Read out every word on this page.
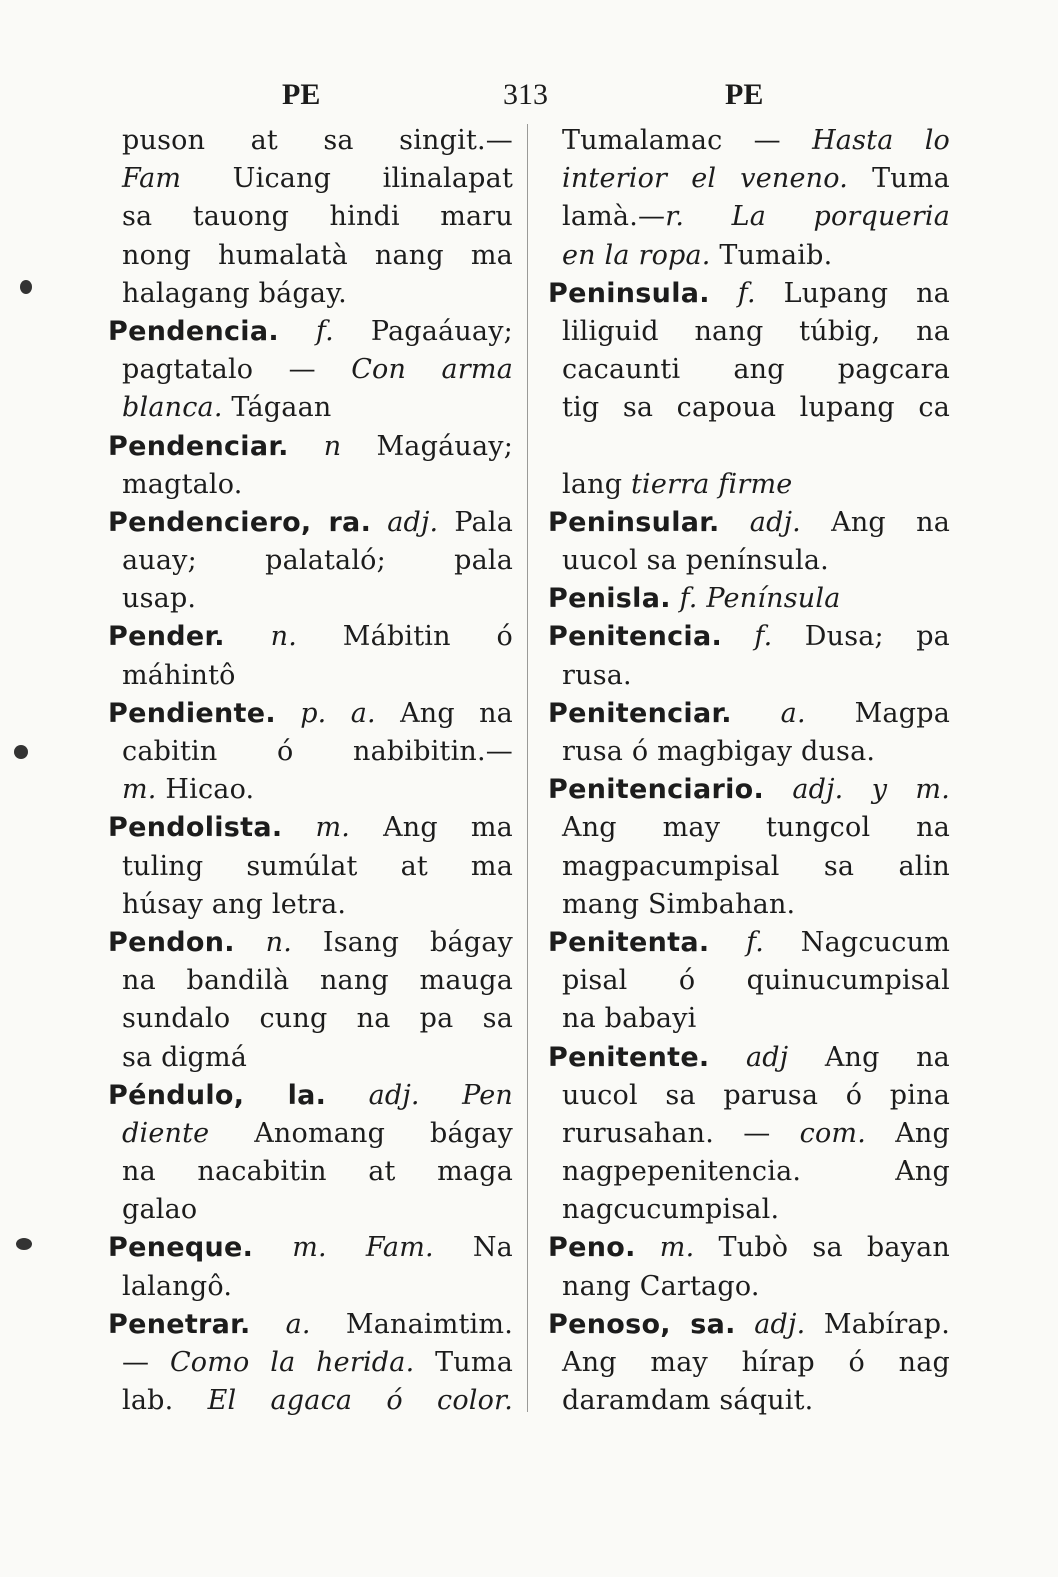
PE	313	PE
puson at sa singit.—
Fam Uicang ilinalapat
sa tauong hindi maru
nong humalatà nang ma
halagang bágay.
Pendencia. f. Pagaáuay;
pagtatalo — Con arma
blanca. Tágaan
Pendenciar. n Magáuay;
magtalo.
Pendenciero, ra. adj. Pala
auay; palataló; pala
usap.
Pender. n. Mábitin ó
máhintô
Pendiente. p. a. Ang na
cabitin ó nabibitin.—
m. Hicao.
Pendolista. m. Ang ma
tuling sumúlat at ma
húsay ang letra.
Pendon. n. Isang bágay
na bandilà nang mauga
sundalo cung na pa sa
sa digmá
Péndulo, la. adj. Pen
diente Anomang bágay
na nacabitin at maga
galao
Peneque. m. Fam. Na
lalangô.
Penetrar. a. Manaimtim.
— Como la herida. Tuma
lab. El agaca ó color.
Tumalamac — Hasta lo
interior el veneno. Tuma
lamà.—r. La porqueria
en la ropa. Tumaib.
Peninsula. f. Lupang na
liliguid nang túbig, na
cacaunti ang pagcara
tig sa capoua lupang ca
lang tierra firme
Peninsular. adj. Ang na
uucol sa península.
Penisla. f. Península
Penitencia. f. Dusa; pa
rusa.
Penitenciar. a. Magpa
rusa ó magbigay dusa.
Penitenciario. adj. y m.
Ang may tungcol na
magpacumpisal sa alin
mang Simbahan.
Penitenta. f. Nagcucum
pisal ó quinucumpisal
na babayi
Penitente. adj Ang na
uucol sa parusa ó pina
rurusahan. — com. Ang
nagpepenitencia. Ang
nagcucumpisal.
Peno. m. Tubò sa bayan
nang Cartago.
Penoso, sa. adj. Mabírap.
Ang may hírap ó nag
daramdam sáquit.
